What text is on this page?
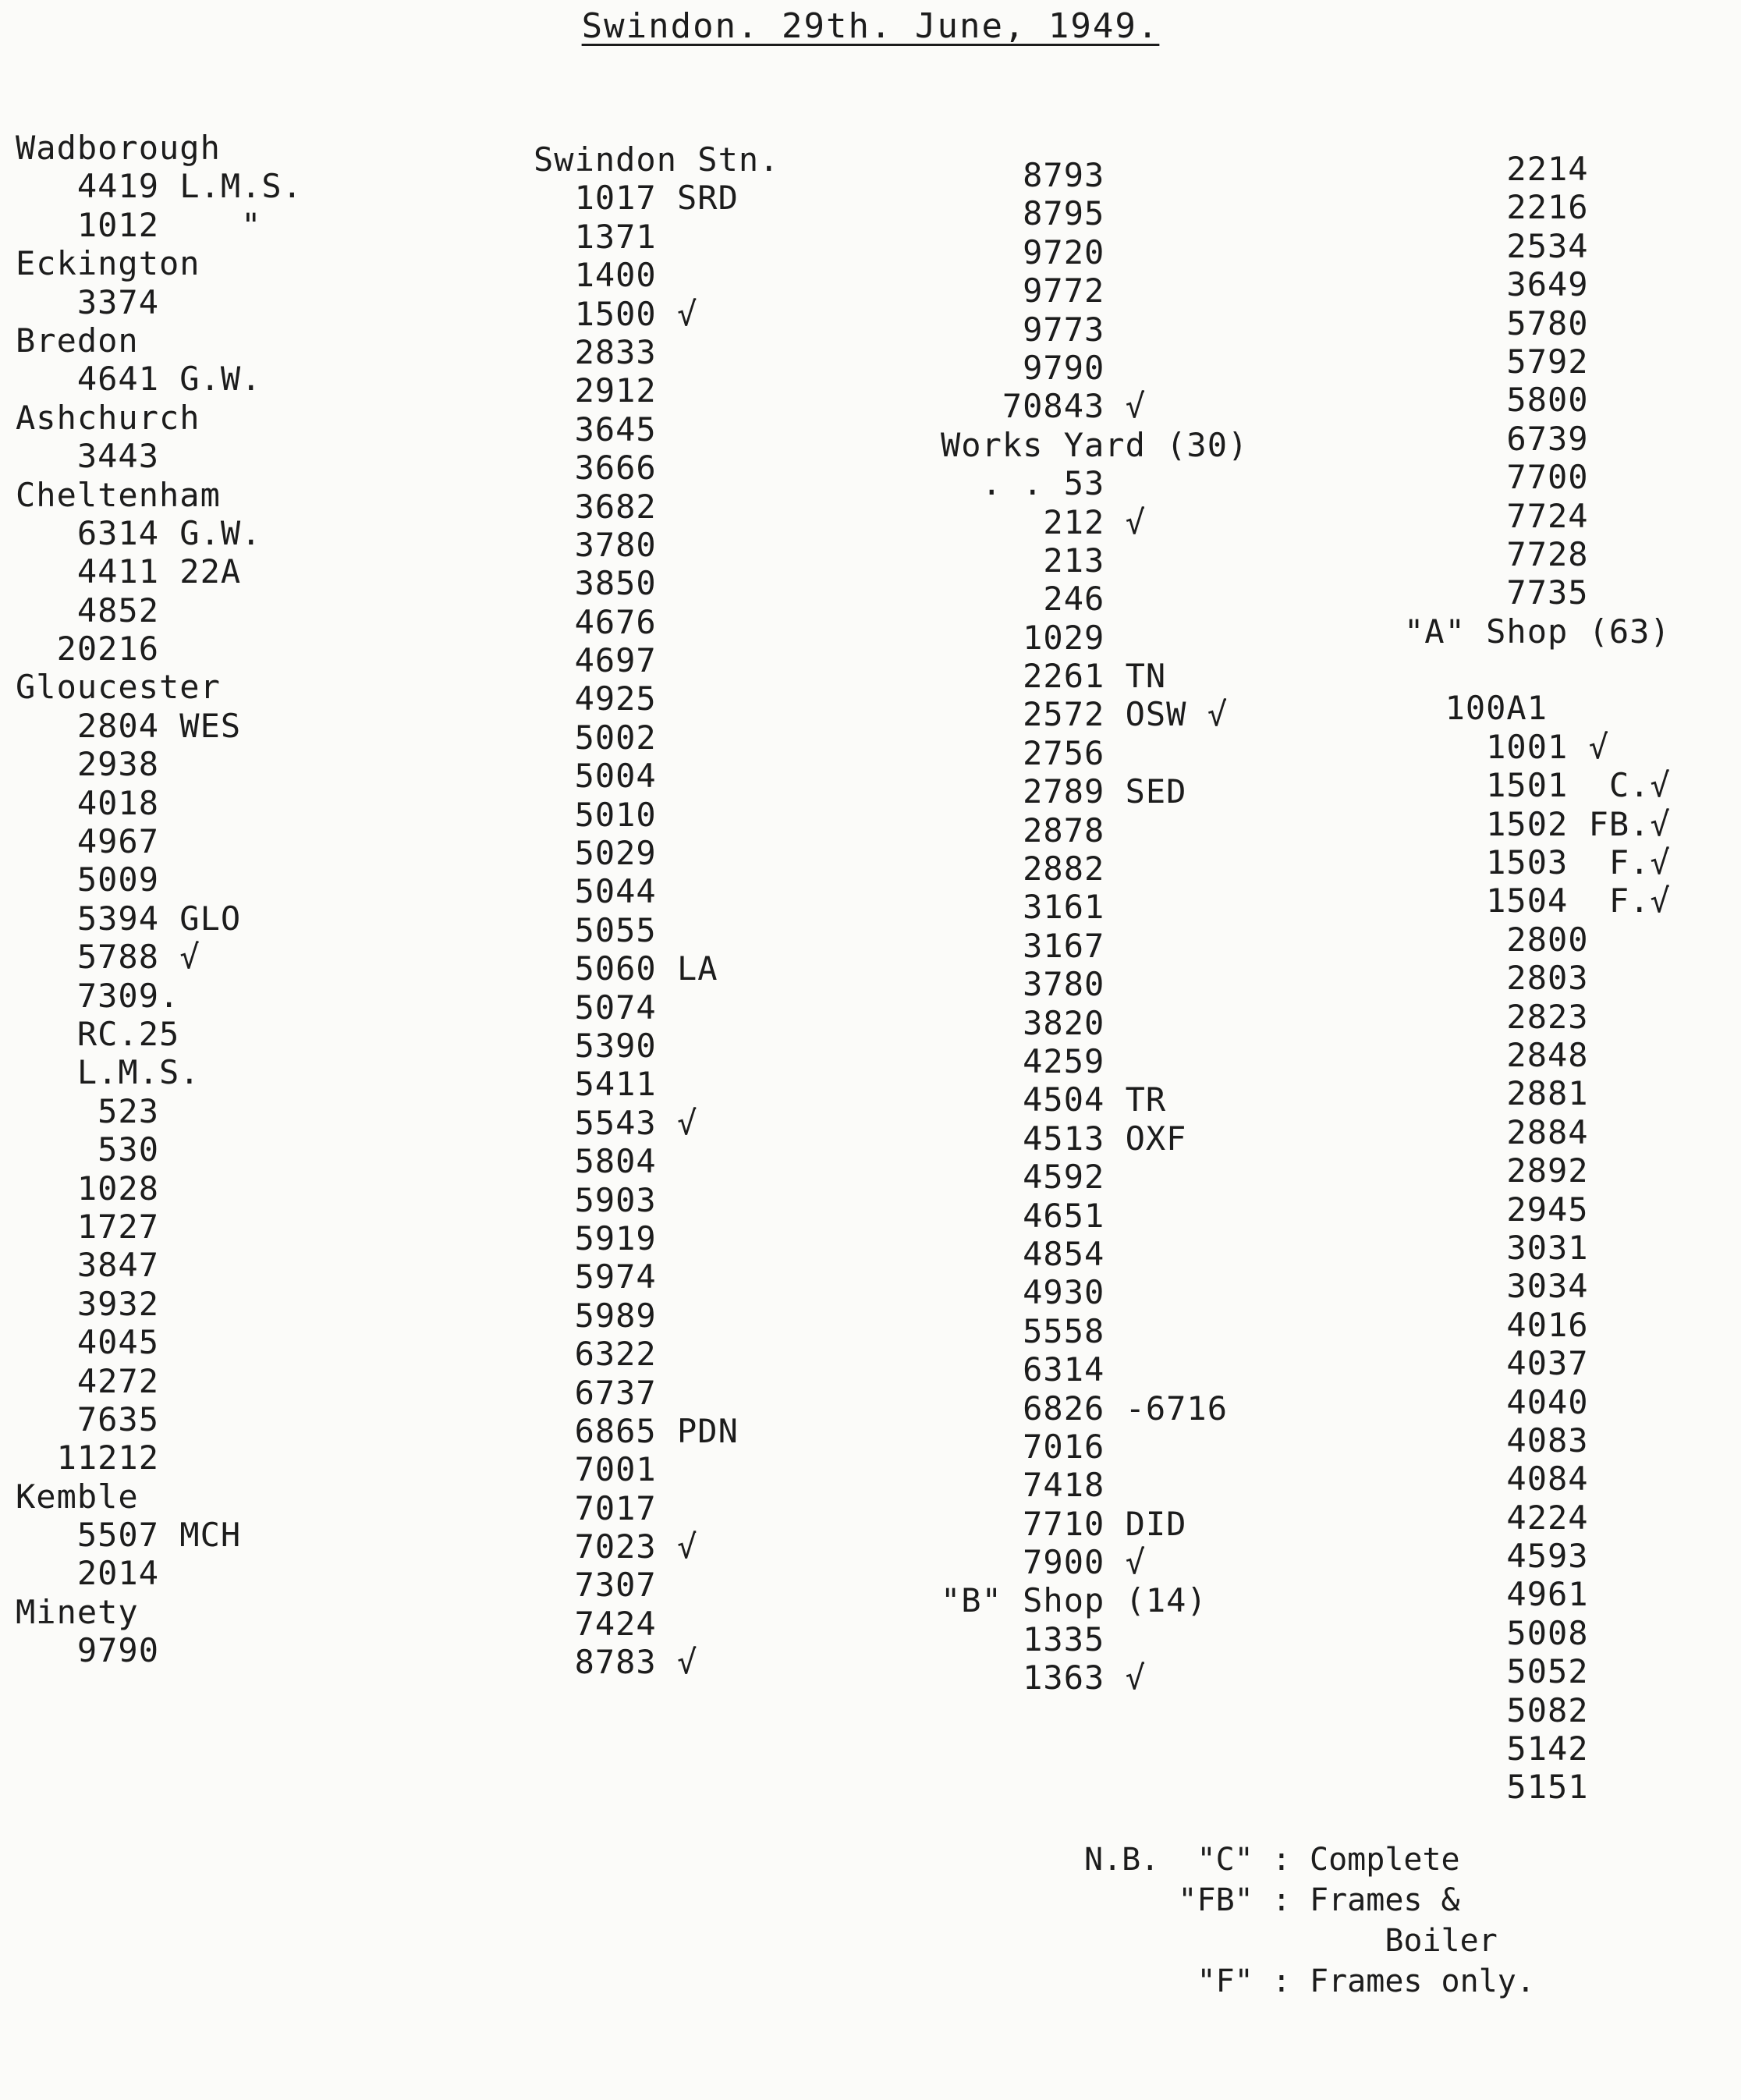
Swindon. 29th. June, 1949.
Wadborough
4419 L.M.S.
1012    "
Eckington
3374
Bredon
4641 G.W.
Ashchurch
3443
Cheltenham
6314 G.W.
4411 22A
4852
20216
Gloucester
2804 WES
2938
4018
4967
5009
5394 GLO
5788 √
7309.
RC.25
L.M.S.
523
530
1028
1727
3847
3932
4045
4272
7635
11212
Kemble
5507 MCH
2014
Minety
9790
Swindon Stn.
1017 SRD
1371
1400
1500 √
2833
2912
3645
3666
3682
3780
3850
4676
4697
4925
5002
5004
5010
5029
5044
5055
5060 LA
5074
5390
5411
5543 √
5804
5903
5919
5974
5989
6322
6737
6865 PDN
7001
7017
7023 √
7307
7424
8783 √
8793
8795
9720
9772
9773
9790
70843 √
Works Yard (30)
. . 53
212 √
213
246
1029
2261 TN
2572 OSW √
2756
2789 SED
2878
2882
3161
3167
3780
3820
4259
4504 TR
4513 OXF
4592
4651
4854
4930
5558
6314
6826 -6716
7016
7418
7710 DID
7900 √
"B" Shop (14)
1335
1363 √
2214
2216
2534
3649
5780
5792
5800
6739
7700
7724
7728
7735
"A" Shop (63)
100A1
1001 √
1501  C.√
1502 FB.√
1503  F.√
1504  F.√
2800
2803
2823
2848
2881
2884
2892
2945
3031
3034
4016
4037
4040
4083
4084
4224
4593
4961
5008
5052
5082
5142
5151
N.B.  "C" : Complete
"FB" : Frames &
Boiler
"F" : Frames only.
